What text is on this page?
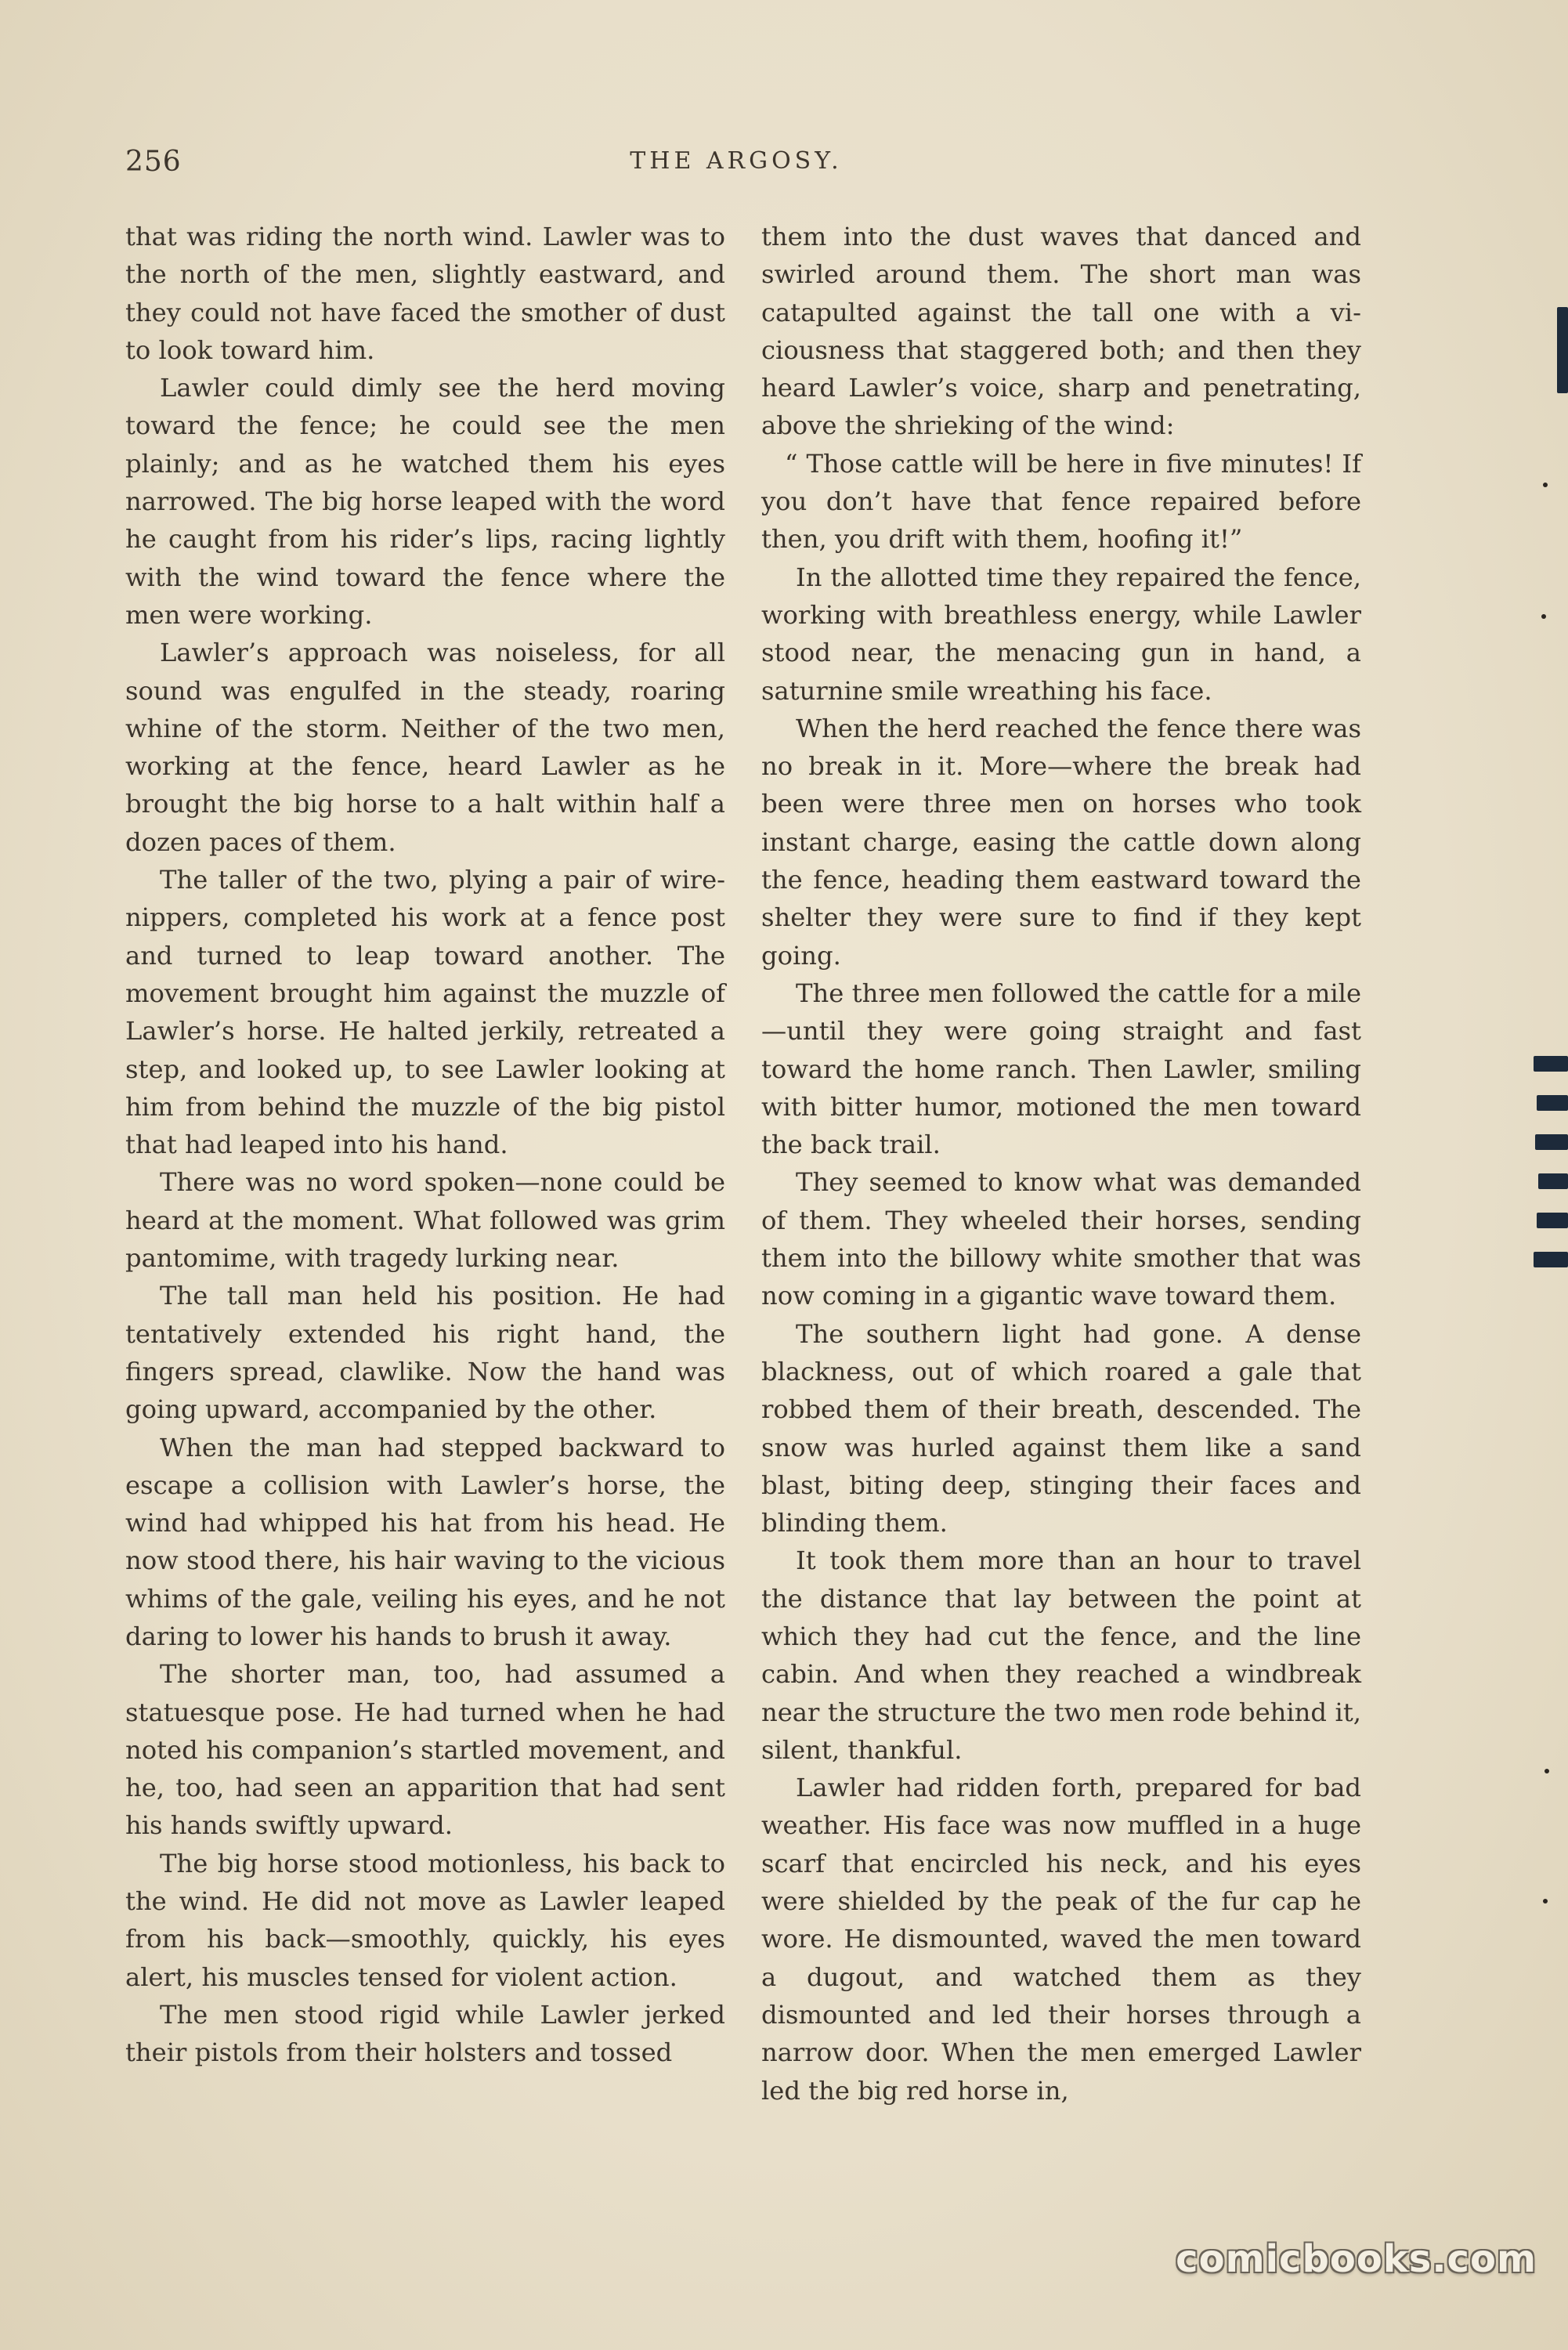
256	THE ARGOSY.

that was riding the north wind. Lawler was to the north of the men, slightly eastward, and they could not have faced the smother of dust to look toward him.

Lawler could dimly see the herd moving toward the fence; he could see the men plainly; and as he watched them his eyes narrowed. The big horse leaped with the word he caught from his rider’s lips, racing lightly with the wind toward the fence where the men were working.

Lawler’s approach was noiseless, for all sound was engulfed in the steady, roaring whine of the storm. Neither of the two men, working at the fence, heard Lawler as he brought the big horse to a halt within half a dozen paces of them.

The taller of the two, plying a pair of wire-nippers, completed his work at a fence post and turned to leap toward another. The movement brought him against the muzzle of Lawler’s horse. He halted jerkily, retreated a step, and looked up, to see Lawler looking at him from behind the muzzle of the big pistol that had leaped into his hand.

There was no word spoken—none could be heard at the moment. What followed was grim pantomime, with tragedy lurking near.

The tall man held his position. He had tentatively extended his right hand, the fingers spread, clawlike. Now the hand was going upward, accompanied by the other.

When the man had stepped backward to escape a collision with Lawler’s horse, the wind had whipped his hat from his head. He now stood there, his hair waving to the vicious whims of the gale, veiling his eyes, and he not daring to lower his hands to brush it away.

The shorter man, too, had assumed a statuesque pose. He had turned when he had noted his companion’s startled movement, and he, too, had seen an apparition that had sent his hands swiftly upward.

The big horse stood motionless, his back to the wind. He did not move as Lawler leaped from his back—smoothly, quickly, his eyes alert, his muscles tensed for violent action.

The men stood rigid while Lawler jerked their pistols from their holsters and tossed

them into the dust waves that danced and swirled around them. The short man was catapulted against the tall one with a viciousness that staggered both; and then they heard Lawler’s voice, sharp and penetrating, above the shrieking of the wind:

“ Those cattle will be here in five minutes! If you don’t have that fence repaired before then, you drift with them, hoofing it!”

In the allotted time they repaired the fence, working with breathless energy, while Lawler stood near, the menacing gun in hand, a saturnine smile wreathing his face.

When the herd reached the fence there was no break in it. More—where the break had been were three men on horses who took instant charge, easing the cattle down along the fence, heading them eastward toward the shelter they were sure to find if they kept going.

The three men followed the cattle for a mile—until they were going straight and fast toward the home ranch. Then Lawler, smiling with bitter humor, motioned the men toward the back trail.

They seemed to know what was demanded of them. They wheeled their horses, sending them into the billowy white smother that was now coming in a gigantic wave toward them.

The southern light had gone. A dense blackness, out of which roared a gale that robbed them of their breath, descended. The snow was hurled against them like a sand blast, biting deep, stinging their faces and blinding them.

It took them more than an hour to travel the distance that lay between the point at which they had cut the fence, and the line cabin. And when they reached a windbreak near the structure the two men rode behind it, silent, thankful.

Lawler had ridden forth, prepared for bad weather. His face was now muffled in a huge scarf that encircled his neck, and his eyes were shielded by the peak of the fur cap he wore. He dismounted, waved the men toward a dugout, and watched them as they dismounted and led their horses through a narrow door. When the men emerged Lawler led the big red horse in,

comicbooks.com
